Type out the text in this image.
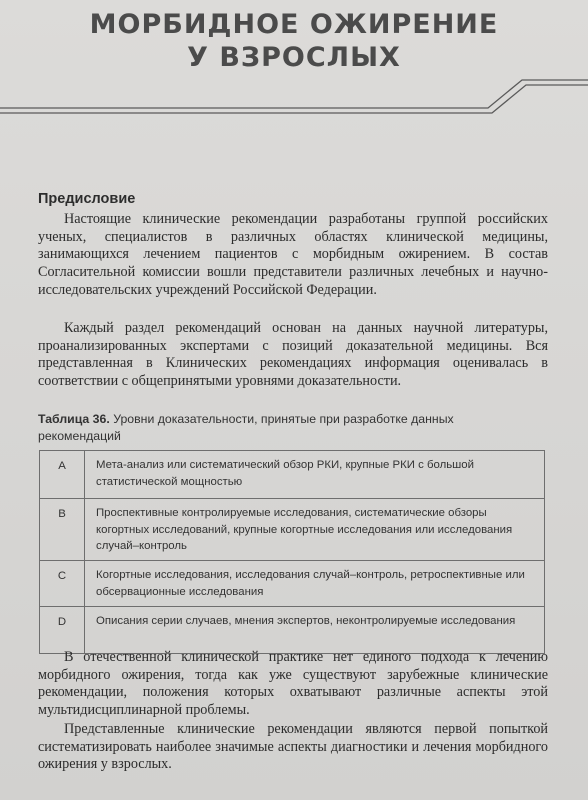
МОРБИДНОЕ ОЖИРЕНИЕ
У ВЗРОСЛЫХ
Предисловие

Настоящие клинические рекомендации разработаны группой российских ученых, специалистов в различных областях клинической медицины, занимающихся лечением пациентов с морбидным ожирением. В состав Согласительной комиссии вошли представители различных лечебных и научно-исследовательских учреждений Российской Федерации.

Каждый раздел рекомендаций основан на данных научной литературы, проанализированных экспертами с позиций доказательной медицины. Вся представленная в Клинических рекомендациях информация оценивалась в соответствии с общепринятыми уровнями доказательности.

Таблица 36. Уровни доказательности, принятые при разработке данных рекомендаций
A	Мета-анализ или систематический обзор РКИ, крупные РКИ с большой статистической мощностью
B	Проспективные контролируемые исследования, систематические обзоры когортных исследований, крупные когортные исследования или исследования случай–контроль
C	Когортные исследования, исследования случай–контроль, ретроспективные или обсервационные исследования
D	Описания серии случаев, мнения экспертов, неконтролируемые исследования

В отечественной клинической практике нет единого подхода к лечению морбидного ожирения, тогда как уже существуют зарубежные клинические рекомендации, положения которых охватывают различные аспекты этой мультидисциплинарной проблемы.

Представленные клинические рекомендации являются первой попыткой систематизировать наиболее значимые аспекты диагностики и лечения морбидного ожирения у взрослых.
